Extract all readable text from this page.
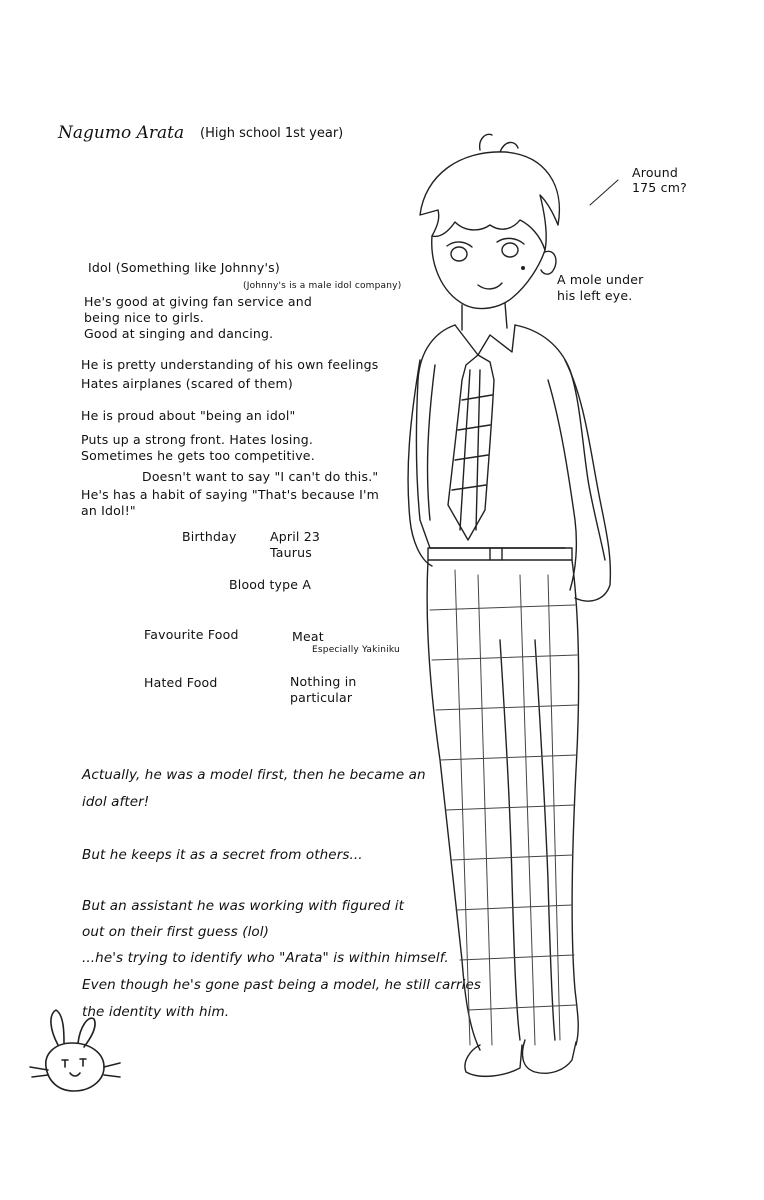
Nagumo Arata (High school 1st year)
Around
175 cm?
A mole under
his left eye.
Idol (Something like Johnny's)
(Johnny's is a male idol company)
He's good at giving fan service and
being nice to girls.
Good at singing and dancing.
He is pretty understanding of his own feelings
Hates airplanes (scared of them)
He is proud about "being an idol"
Puts up a strong front. Hates losing.
Sometimes he gets too competitive.
Doesn't want to say "I can't do this."
He's has a habit of saying "That's because I'm
an Idol!"
Birthday	April 23
Taurus
Blood type A
Favourite Food	Meat
Especially Yakiniku
Hated Food	Nothing in
particular
Actually, he was a model first, then he became an
idol after!
But he keeps it as a secret from others...
But an assistant he was working with figured it
out on their first guess (lol)
...he's trying to identify who "Arata" is within himself.
Even though he's gone past being a model, he still carries
the identity with him.
